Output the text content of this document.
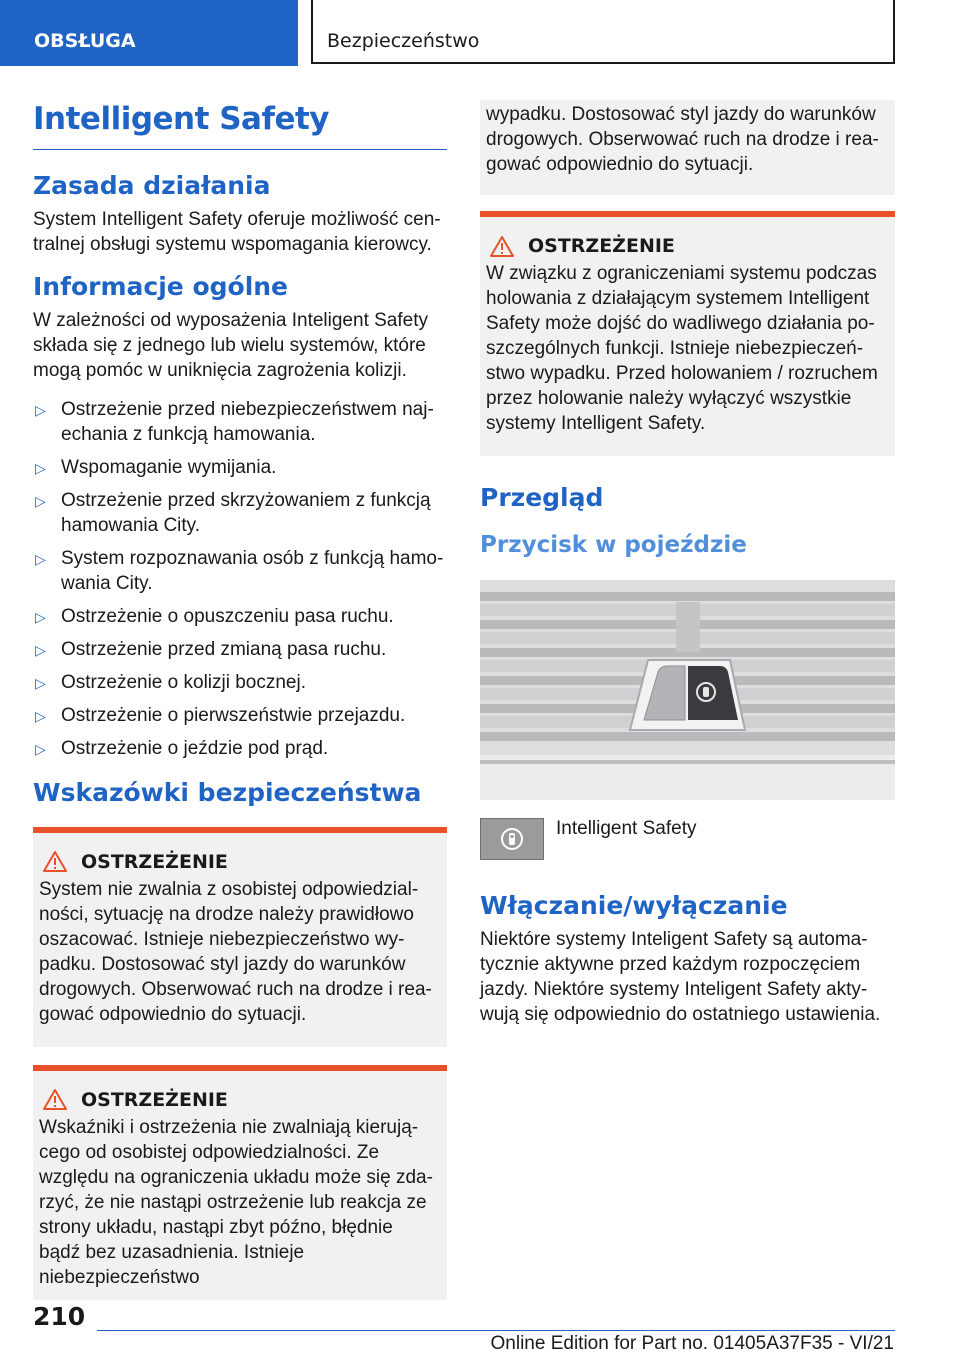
OBSŁUGA	Bezpieczeństwo
Intelligent Safety
Zasada działania

System Intelligent Safety oferuje możliwość centralnej obsługi systemu wspomagania kierowcy.

Informacje ogólne

W zależności od wyposażenia Inteligent Safety składa się z jednego lub wielu systemów, które mogą pomóc w uniknięcia zagrożenia kolizji.

▷ Ostrzeżenie przed niebezpieczeństwem najechania z funkcją hamowania.
▷ Wspomaganie wymijania.
▷ Ostrzeżenie przed skrzyżowaniem z funkcją hamowania City.
▷ System rozpoznawania osób z funkcją hamowania City.
▷ Ostrzeżenie o opuszczeniu pasa ruchu.
▷ Ostrzeżenie przed zmianą pasa ruchu.
▷ Ostrzeżenie o kolizji bocznej.
▷ Ostrzeżenie o pierwszeństwie przejazdu.
▷ Ostrzeżenie o jeździe pod prąd.
Wskazówki bezpieczeństwa
OSTRZEŻENIE

System nie zwalnia z osobistej odpowiedzialności, sytuację na drodze należy prawidłowo oszacować. Istnieje niebezpieczeństwo wypadku. Dostosować styl jazdy do warunków drogowych. Obserwować ruch na drodze i reagować odpowiednio do sytuacji.

OSTRZEŻENIE

Wskaźniki i ostrzeżenia nie zwalniają kierującego od osobistej odpowiedzialności. Ze względu na ograniczenia układu może się zdarzyć, że nie nastąpi ostrzeżenie lub reakcja ze strony układu, nastąpi zbyt późno, błędnie bądź bez uzasadnienia. Istnieje niebezpieczeństwo

wypadku. Dostosować styl jazdy do warunków drogowych. Obserwować ruch na drodze i reagować odpowiednio do sytuacji.

OSTRZEŻENIE

W związku z ograniczeniami systemu podczas holowania z działającym systemem Intelligent Safety może dojść do wadliwego działania poszczególnych funkcji. Istnieje niebezpieczeństwo wypadku. Przed holowaniem / rozruchem przez holowanie należy wyłączyć wszystkie systemy Intelligent Safety.

Przegląd
Przycisk w pojeździe
Intelligent Safety
Włączanie/wyłączanie

Niektóre systemy Inteligent Safety są automatycznie aktywne przed każdym rozpoczęciem jazdy. Niektóre systemy Inteligent Safety aktywują się odpowiednio do ostatniego ustawienia.

210
Online Edition for Part no. 01405A37F35 - VI/21
